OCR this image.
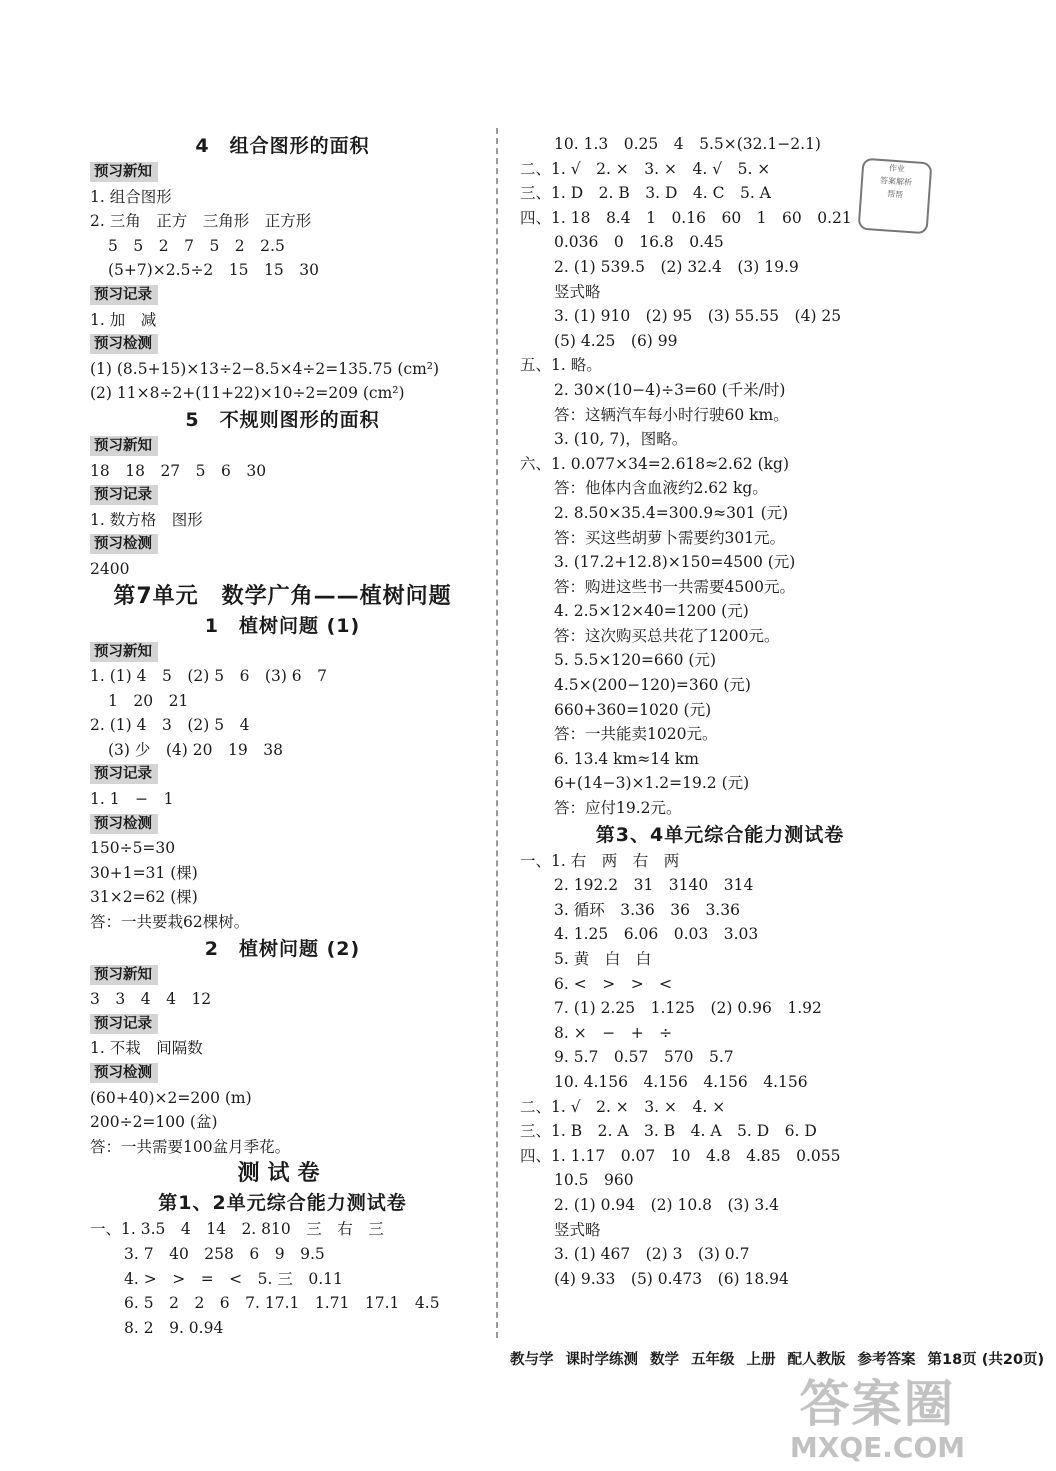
4　组合图形的面积
预习新知
1. 组合图形
2. 三角　正方　三角形　正方形
5　5　2　7　5　2　2.5
(5+7)×2.5÷2　15　15　30
预习记录
1. 加　减
预习检测
(1) (8.5+15)×13÷2−8.5×4÷2=135.75 (cm²)
(2) 11×8÷2+(11+22)×10÷2=209 (cm²)
5　不规则图形的面积
预习新知
18　18　27　5　6　30
预习记录
1. 数方格　图形
预习检测
2400
第7单元　数学广角——植树问题
1　植树问题 (1)
预习新知
1. (1) 4　5　(2) 5　6　(3) 6　7
1　20　21
2. (1) 4　3　(2) 5　4
(3) 少　(4) 20　19　38
预习记录
1. 1　−　1
预习检测
150÷5=30
30+1=31 (棵)
31×2=62 (棵)
答：一共要栽62棵树。
2　植树问题 (2)
预习新知
3　3　4　4　12
预习记录
1. 不栽　间隔数
预习检测
(60+40)×2=200 (m)
200÷2=100 (盆)
答：一共需要100盆月季花。
测试卷
第1、2单元综合能力测试卷
一、1. 3.5　4　14　2. 810　三　右　三
3. 7　40　258　6　9　9.5
4. >　>　=　<　5. 三　0.11
6. 5　2　2　6　7. 17.1　1.71　17.1　4.5
8. 2　9. 0.94
10. 1.3　0.25　4　5.5×(32.1−2.1)
二、1. √　2. ×　3. ×　4. √　5. ×
三、1. D　2. B　3. D　4. C　5. A
四、1. 18　8.4　1　0.16　60　1　60　0.21
0.036　0　16.8　0.45
2. (1) 539.5　(2) 32.4　(3) 19.9
竖式略
3. (1) 910　(2) 95　(3) 55.55　(4) 25
(5) 4.25　(6) 99
五、1. 略。
2. 30×(10−4)÷3=60 (千米/时)
答：这辆汽车每小时行驶60 km。
3. (10, 7)，图略。
六、1. 0.077×34=2.618≈2.62 (kg)
答：他体内含血液约2.62 kg。
2. 8.50×35.4=300.9≈301 (元)
答：买这些胡萝卜需要约301元。
3. (17.2+12.8)×150=4500 (元)
答：购进这些书一共需要4500元。
4. 2.5×12×40=1200 (元)
答：这次购买总共花了1200元。
5. 5.5×120=660 (元)
4.5×(200−120)=360 (元)
660+360=1020 (元)
答：一共能卖1020元。
6. 13.4 km≈14 km
6+(14−3)×1.2=19.2 (元)
答：应付19.2元。
第3、4单元综合能力测试卷
一、1. 右　两　右　两
2. 192.2　31　3140　314
3. 循环　3.36　36　3.36
4. 1.25　6.06　0.03　3.03
5. 黄　白　白
6. <　>　>　<
7. (1) 2.25　1.125　(2) 0.96　1.92
8. ×　−　+　÷
9. 5.7　0.57　570　5.7
10. 4.156　4.156　4.156　4.156
二、1. √　2. ×　3. ×　4. ×
三、1. B　2. A　3. B　4. A　5. D　6. D
四、1. 1.17　0.07　10　4.8　4.85　0.055
10.5　960
2. (1) 0.94　(2) 10.8　(3) 3.4
竖式略
3. (1) 467　(2) 3　(3) 0.7
(4) 9.33　(5) 0.473　(6) 18.94
作业
答案解析
帮帮
教与学 课时学练测 数学 五年级 上册 配人教版 参考答案 第18页 (共20页)
答案圈
MXQE.COM
